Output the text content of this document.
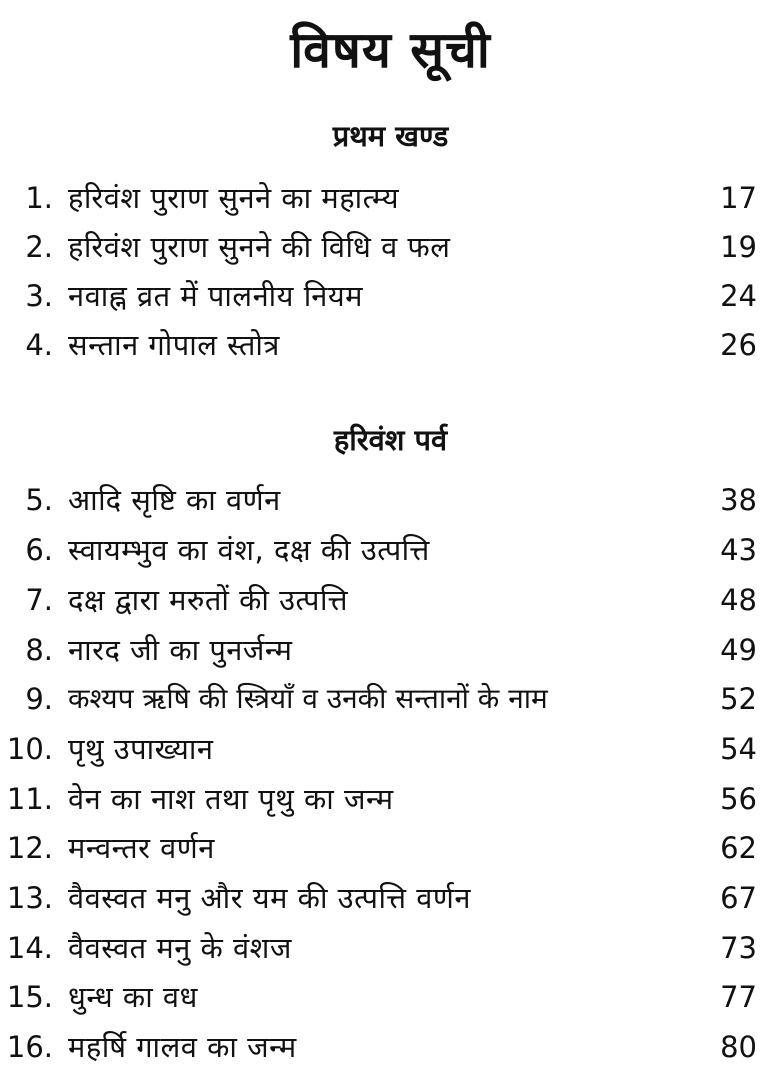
विषय सूची
प्रथम खण्ड
1. हरिवंश पुराण सुनने का महात्म्य	17
2. हरिवंश पुराण सुनने की विधि व फल	19
3. नवाह्न व्रत में पालनीय नियम	24
4. सन्तान गोपाल स्तोत्र	26
हरिवंश पर्व
5. आदि सृष्टि का वर्णन	38
6. स्वायम्भुव का वंश, दक्ष की उत्पत्ति	43
7. दक्ष द्वारा मरुतों की उत्पत्ति	48
8. नारद जी का पुनर्जन्म	49
9. कश्यप ऋषि की स्त्रियाँ व उनकी सन्तानों के नाम	52
10. पृथु उपाख्यान	54
11. वेन का नाश तथा पृथु का जन्म	56
12. मन्वन्तर वर्णन	62
13. वैवस्वत मनु और यम की उत्पत्ति वर्णन	67
14. वैवस्वत मनु के वंशज	73
15. धुन्ध का वध	77
16. महर्षि गालव का जन्म	80
